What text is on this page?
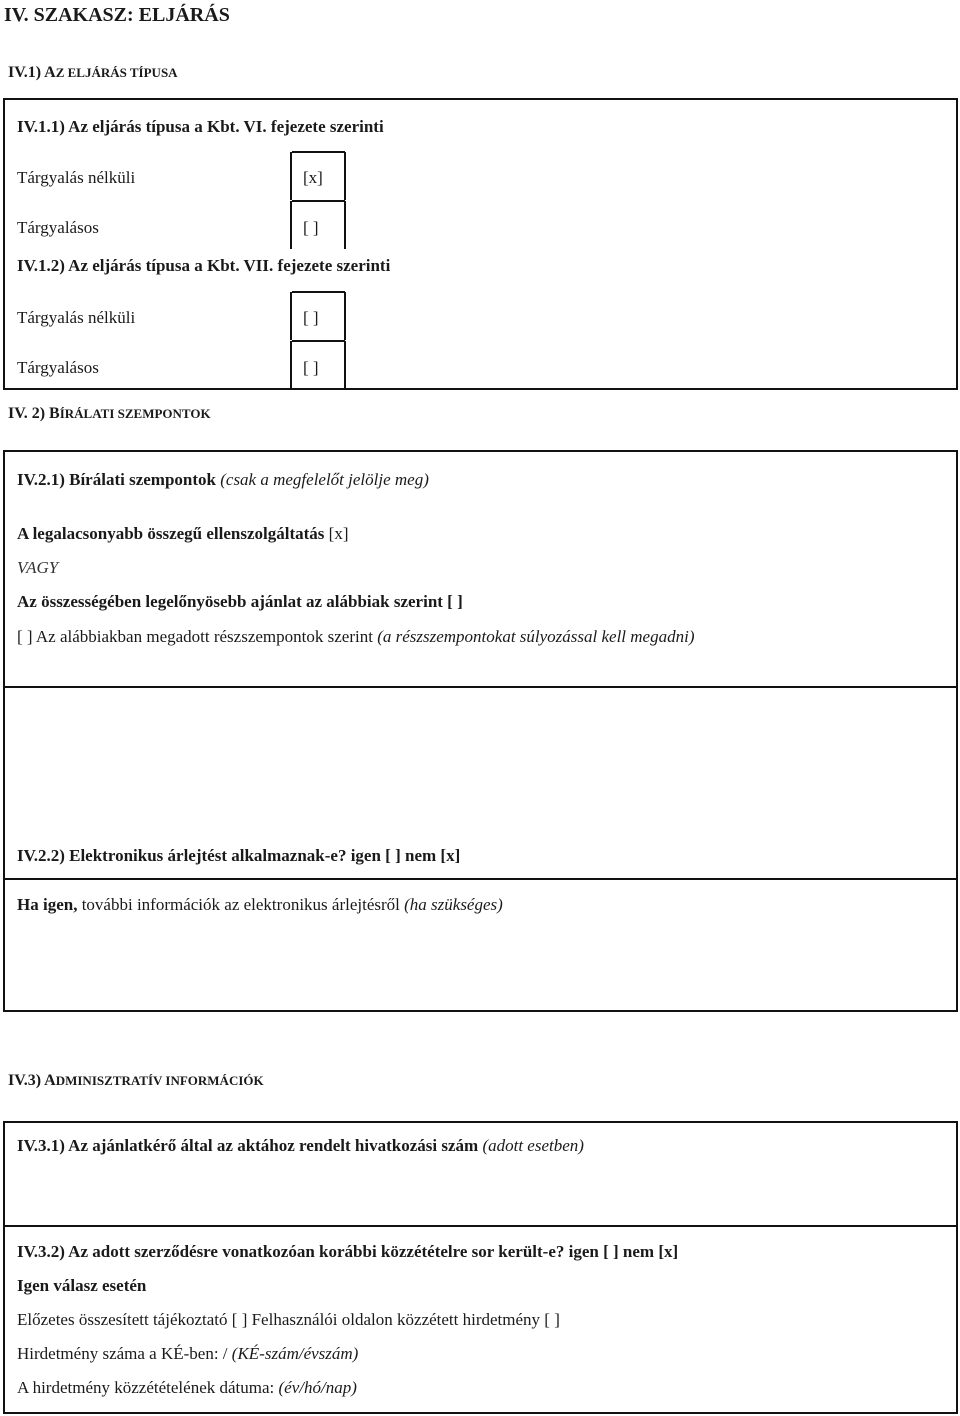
IV. SZAKASZ: ELJÁRÁS
IV.1) AZ ELJÁRÁS TÍPUSA
IV.1.1) Az eljárás típusa a Kbt. VI. fejezete szerinti
Tárgyalás nélküli	[x]
Tárgyalásos	[ ]
IV.1.2) Az eljárás típusa a Kbt. VII. fejezete szerinti
Tárgyalás nélküli	[ ]
Tárgyalásos	[ ]
IV. 2) BÍRÁLATI SZEMPONTOK
IV.2.1) Bírálati szempontok (csak a megfelelőt jelölje meg)
A legalacsonyabb összegű ellenszolgáltatás [x]
VAGY
Az összességében legelőnyösebb ajánlat az alábbiak szerint [ ]
[ ] Az alábbiakban megadott részszempontok szerint (a részszempontokat súlyozással kell megadni)
IV.2.2) Elektronikus árlejtést alkalmaznak-e? igen [ ] nem [x]
Ha igen, további információk az elektronikus árlejtésről (ha szükséges)
IV.3) ADMINISZTRATÍV INFORMÁCIÓK
IV.3.1) Az ajánlatkérő által az aktához rendelt hivatkozási szám (adott esetben)
IV.3.2) Az adott szerződésre vonatkozóan korábbi közzétételre sor került-e? igen [ ] nem [x]
Igen válasz esetén
Előzetes összesített tájékoztató [ ] Felhasználói oldalon közzétett hirdetmény [ ]
Hirdetmény száma a KÉ-ben: / (KÉ-szám/évszám)
A hirdetmény közzétételének dátuma: (év/hó/nap)
